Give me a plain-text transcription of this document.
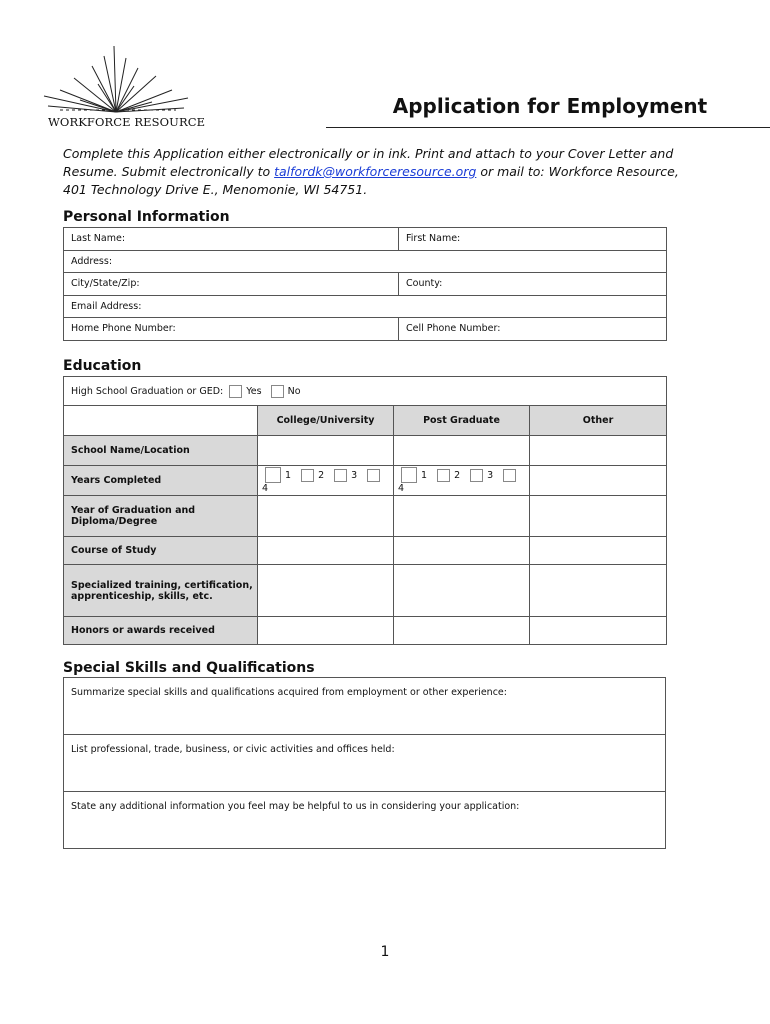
WORKFORCE RESOURCE
Application for Employment
Complete this Application either electronically or in ink. Print and attach to your Cover Letter and Resume. Submit electronically to talfordk@workforceresource.org or mail to: Workforce Resource, 401 Technology Drive E., Menomonie, WI 54751.
Personal Information
Last Name:	First Name:
Address:	
City/State/Zip:	County:
Email Address:	
Home Phone Number:	Cell Phone Number:
Education
High School Graduation or GED: Yes No			
	College/University	Post Graduate	Other
School Name/Location			
Years Completed	1 2 3 4	1 2 3 4	
Year of Graduation and Diploma/Degree			
Course of Study			
Specialized training, certification, apprenticeship, skills, etc.			
Honors or awards received			
Special Skills and Qualifications
Summarize special skills and qualifications acquired from employment or other experience:
List professional, trade, business, or civic activities and offices held:
State any additional information you feel may be helpful to us in considering your application:
1
